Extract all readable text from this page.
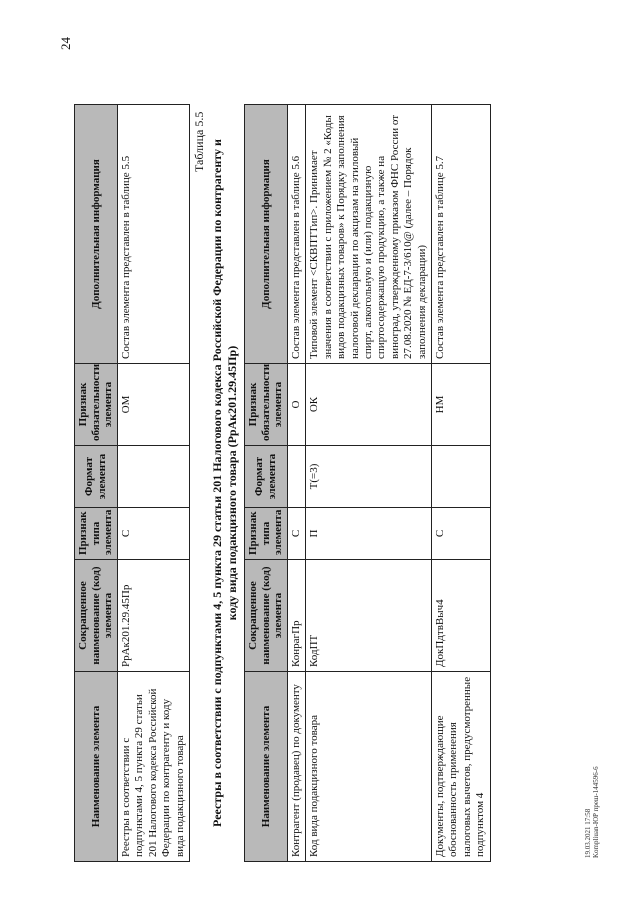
24
Наименование элемента	Сокращенное наименование (код) элемента	Признак типа элемента	Формат элемента	Признак обязательности элемента	Дополнительная информация
Реестры в соответствии с подпунктами 4, 5 пункта 29 статьи 201 Налогового кодекса Российской Федерации по контрагенту и коду вида подакцизного товара	РрАк201.29.45Пр	С		ОМ	Состав элемента представлен в таблице 5.5
Таблица 5.5 Реестры в соответствии с подпунктами 4, 5 пункта 29 статьи 201 Налогового кодекса Российской Федерации по контрагенту и коду вида подакцизного товара (РрАк201.29.45Пр)
Наименование элемента	Сокращенное наименование (код) элемента	Признак типа элемента	Формат элемента	Признак обязательности элемента	Дополнительная информация
Контрагент (продавец) по документу	КонрагПр	С		О	Состав элемента представлен в таблице 5.6
Код вида подакцизного товара	КодПТ	П	T(=3)	ОК	Типовой элемент <СКВПТТип>. Принимает значения в соответствии с приложением № 2 «Коды видов подакцизных товаров» к Порядку заполнения налоговой декларации по акцизам на этиловый спирт, алкогольную и (или) подакцизную спиртосодержащую продукцию, а также на виноград, утвержденному приказом ФНС России от 27.08.2020 № ЕД-7-3/610@ (далее – Порядок заполнения декларации)
Документы, подтверждающие обоснованность применения налоговых вычетов, предусмотренные подпунктом 4	ДокПдтвВыч4	С		НМ	Состав элемента представлен в таблице 5.7
19.03.2021 17:58 Kompliuan-ЮР преш-144596-6
